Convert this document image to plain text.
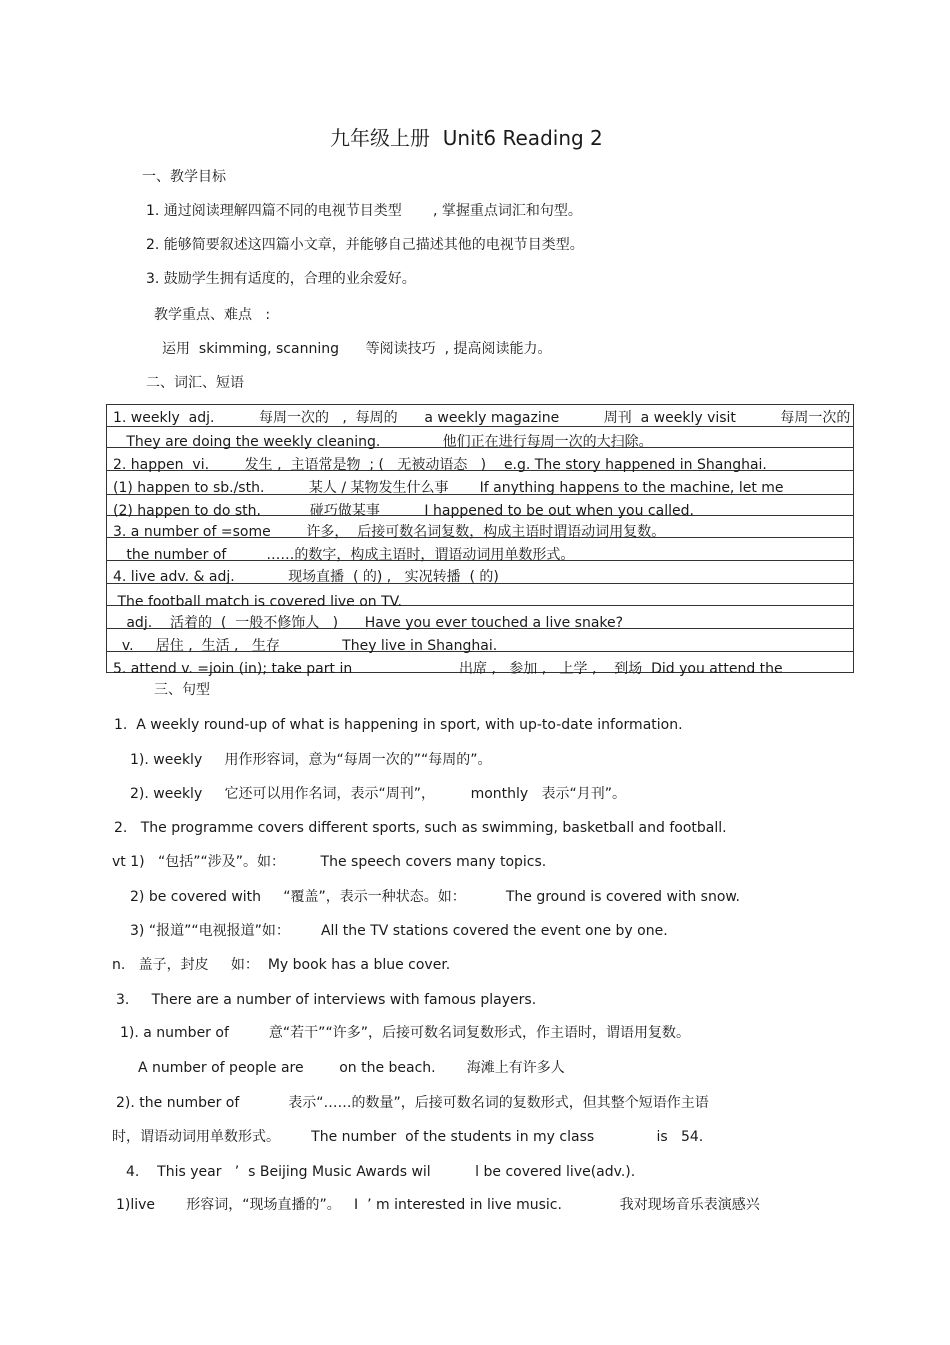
九年级上册  Unit6 Reading 2
一、教学目标
1. 通过阅读理解四篇不同的电视节目类型       , 掌握重点词汇和句型。
2. 能够简要叙述这四篇小文章，并能够自己描述其他的电视节目类型。
3. 鼓励学生拥有适度的，合理的业余爱好。
教学重点、难点   :
运用  skimming, scanning      等阅读技巧  , 提高阅读能力。
二、词汇、短语
1. weekly  adj.          每周一次的   ,  每周的      a weekly magazine          周刊  a weekly visit          每周一次的
They are doing the weekly cleaning.              他们正在进行每周一次的大扫除。
2. happen  vi.        发生 ,  主语常是物  ; (   无被动语态   )    e.g. The story happened in Shanghai.
(1) happen to sb./sth.          某人 / 某物发生什么事       If anything happens to the machine, let me
(2) happen to do sth.           碰巧做某事          I happened to be out when you called.
3. a number of =some        许多，  后接可数名词复数，构成主语时谓语动词用复数。
the number of         ……的数字，构成主语时，谓语动词用单数形式。
4. live adv. & adj.            现场直播  ( 的) ,   实况转播  ( 的)
The football match is covered live on TV.
adj.    活着的  (  一般不修饰人   )      Have you ever touched a live snake?
v.     居住 ,  生活 ,   生存              They live in Shanghai.
5. attend v. =join (in); take part in                        出席 ,   参加 ,   上学 ,    到场  Did you attend the
三、句型
1.  A weekly round-up of what is happening in sport, with up-to-date information.
1). weekly     用作形容词，意为“每周一次的”“每周的”。
2). weekly     它还可以用作名词，表示“周刊”，        monthly   表示“月刊”。
2.   The programme covers different sports, such as swimming, basketball and football.
vt 1)   “包括”“涉及”。如：        The speech covers many topics.
2) be covered with     “覆盖”，表示一种状态。如：         The ground is covered with snow.
3) “报道”“电视报道”如：       All the TV stations covered the event one by one.
n.   盖子，封皮     如：  My book has a blue cover.
3.     There are a number of interviews with famous players.
1). a number of         意“若干”“许多”，后接可数名词复数形式，作主语时，谓语用复数。
A number of people are        on the beach.       海滩上有许多人
2). the number of           表示“……的数量”，后接可数名词的复数形式，但其整个短语作主语
时，谓语动词用单数形式。       The number  of the students in my class              is   54.
4.    This year   ’  s Beijing Music Awards wil          l be covered live(adv.).
1)live       形容词，“现场直播的”。   I  ’ m interested in live music.             我对现场音乐表演感兴
